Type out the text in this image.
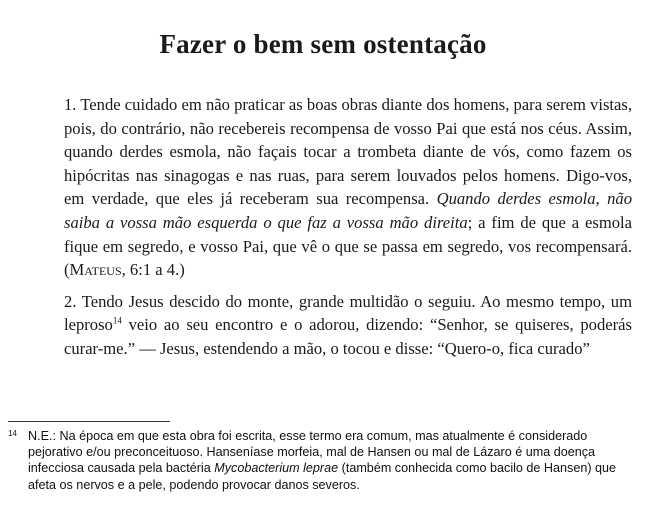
Fazer o bem sem ostentação

1. Tende cuidado em não praticar as boas obras diante dos homens, para serem vistas, pois, do contrário, não recebereis recompensa de vosso Pai que está nos céus. Assim, quando derdes esmola, não façais tocar a trombeta diante de vós, como fazem os hipócritas nas sinagogas e nas ruas, para serem louvados pelos homens. Digo-vos, em verdade, que eles já receberam sua recompensa. Quando derdes esmola, não saiba a vossa mão esquerda o que faz a vossa mão direita; a fim de que a esmola fique em segredo, e vosso Pai, que vê o que se passa em segredo, vos recompensará. (Mateus, 6:1 a 4.)

2. Tendo Jesus descido do monte, grande multidão o seguiu. Ao mesmo tempo, um leproso$^{14}$ veio ao seu encontro e o adorou, dizendo: “Senhor, se quiseres, poderás curar-me.” — Jesus, estendendo a mão, o tocou e disse: “Quero-o, fica curado”

14 N.E.: Na época em que esta obra foi escrita, esse termo era comum, mas atualmente é considerado pejorativo e/ou preconceituoso. Hanseníase morfeia, mal de Hansen ou mal de Lázaro é uma doença infecciosa causada pela bactéria Mycobacterium leprae (também conhecida como bacilo de Hansen) que afeta os nervos e a pele, podendo provocar danos severos.
